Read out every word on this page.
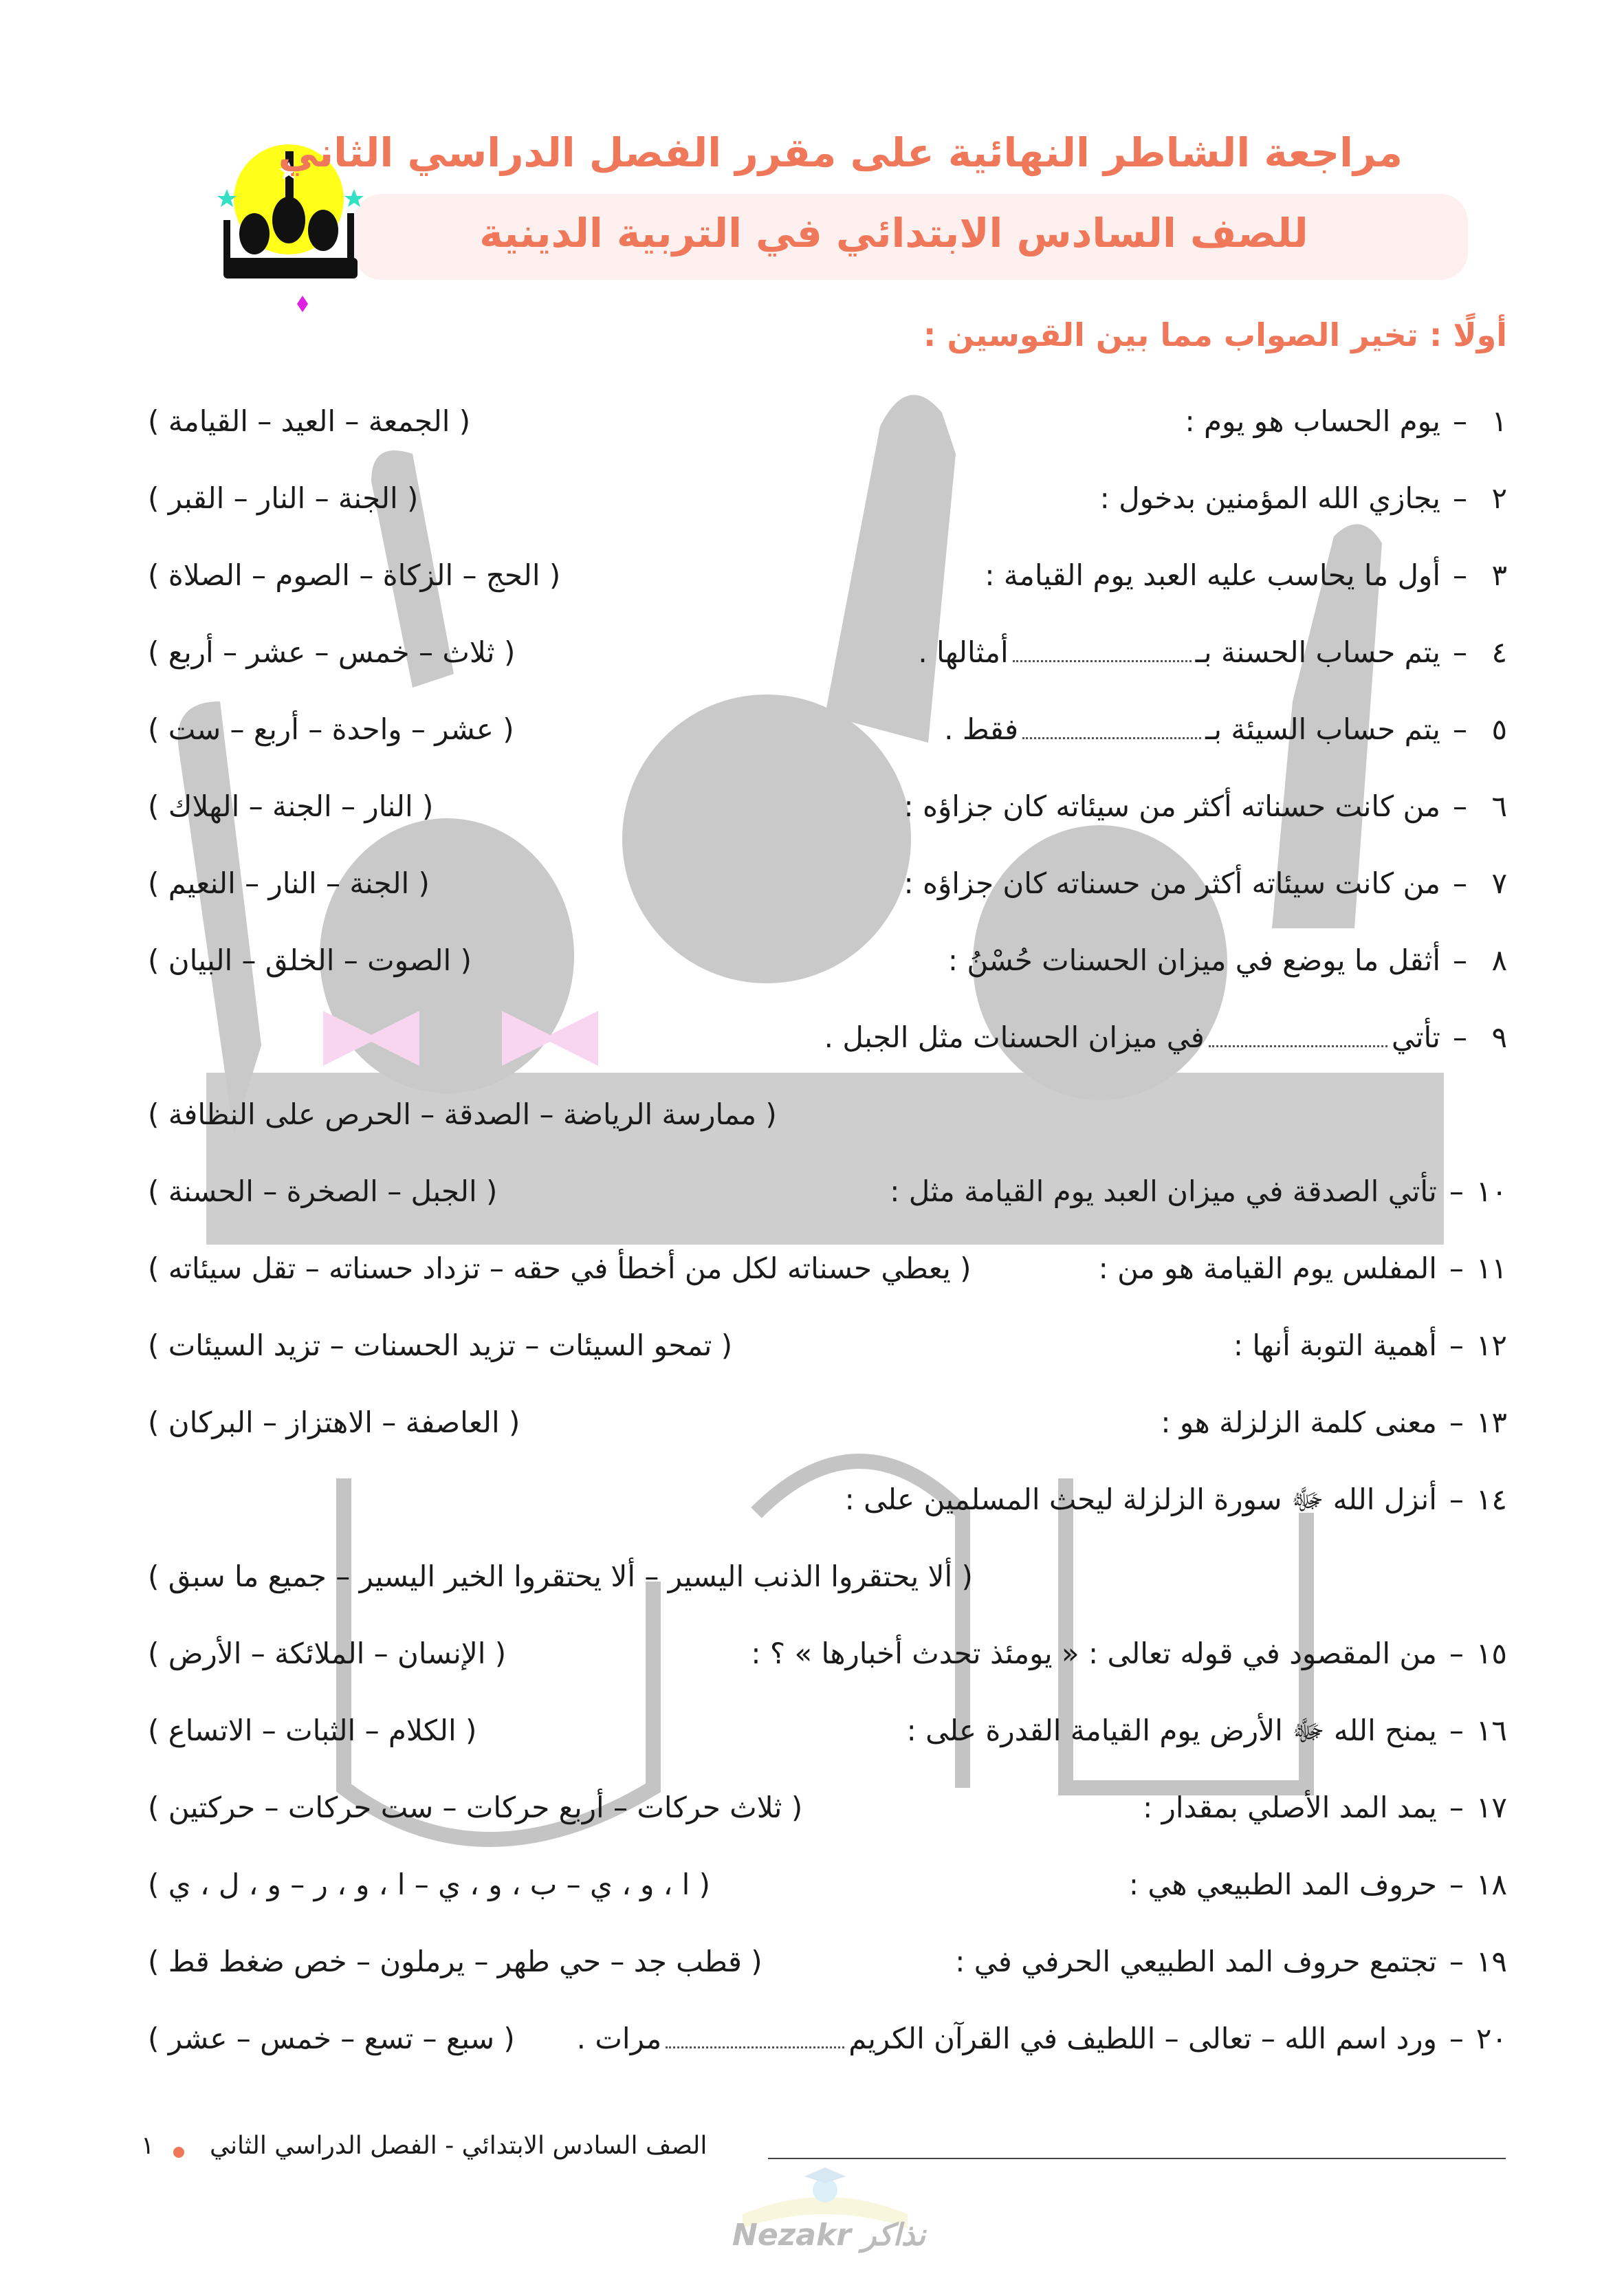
مراجعة الشاطر النهائية على مقرر الفصل الدراسي الثاني
للصف السادس الابتدائي في التربية الدينية
أولًا : تخير الصواب مما بين القوسين :
١–يوم الحساب هو يوم :
( الجمعة – العيد – القيامة )
٢–يجازي الله المؤمنين بدخول :
( الجنة – النار – القبر )
٣–أول ما يحاسب عليه العبد يوم القيامة :
( الحج – الزكاة – الصوم – الصلاة )
٤–يتم حساب الحسنة بـأمثالها .
( ثلاث – خمس – عشر – أربع )
٥–يتم حساب السيئة بـفقط .
( عشر – واحدة – أربع – ست )
٦–من كانت حسناته أكثر من سيئاته كان جزاؤه :
( النار – الجنة – الهلاك )
٧–من كانت سيئاته أكثر من حسناته كان جزاؤه :
( الجنة – النار – النعيم )
٨–أثقل ما يوضع في ميزان الحسنات حُسْنُ :
( الصوت – الخلق – البيان )
٩–تأتيفي ميزان الحسنات مثل الجبل .
( ممارسة الرياضة – الصدقة – الحرص على النظافة )
١٠–تأتي الصدقة في ميزان العبد يوم القيامة مثل :
( الجبل – الصخرة – الحسنة )
١١–المفلس يوم القيامة هو من :
( يعطي حسناته لكل من أخطأ في حقه – تزداد حسناته – تقل سيئاته )
١٢–أهمية التوبة أنها :
( تمحو السيئات – تزيد الحسنات – تزيد السيئات )
١٣–معنى كلمة الزلزلة هو :
( العاصفة – الاهتزاز – البركان )
١٤–أنزل الله ﷻ سورة الزلزلة ليحث المسلمين على :
( ألا يحتقروا الذنب اليسير – ألا يحتقروا الخير اليسير – جميع ما سبق )
١٥–من المقصود في قوله تعالى : « يومئذ تحدث أخبارها » ؟ :
( الإنسان – الملائكة – الأرض )
١٦–يمنح الله ﷻ الأرض يوم القيامة القدرة على :
( الكلام – الثبات – الاتساع )
١٧–يمد المد الأصلي بمقدار :
( ثلاث حركات – أربع حركات – ست حركات – حركتين )
١٨–حروف المد الطبيعي هي :
( ا ، و ، ي – ب ، و ، ي – ا ، و ، ر – و ، ل ، ي )
١٩–تجتمع حروف المد الطبيعي الحرفي في :
( قطب جد – حي طهر – يرملون – خص ضغط قط )
٢٠–ورد اسم الله – تعالى – اللطيف في القرآن الكريممرات .
( سبع – تسع – خمس – عشر )
الصف السادس الابتدائي - الفصل الدراسي الثاني
١
Nezakr نذاكر
